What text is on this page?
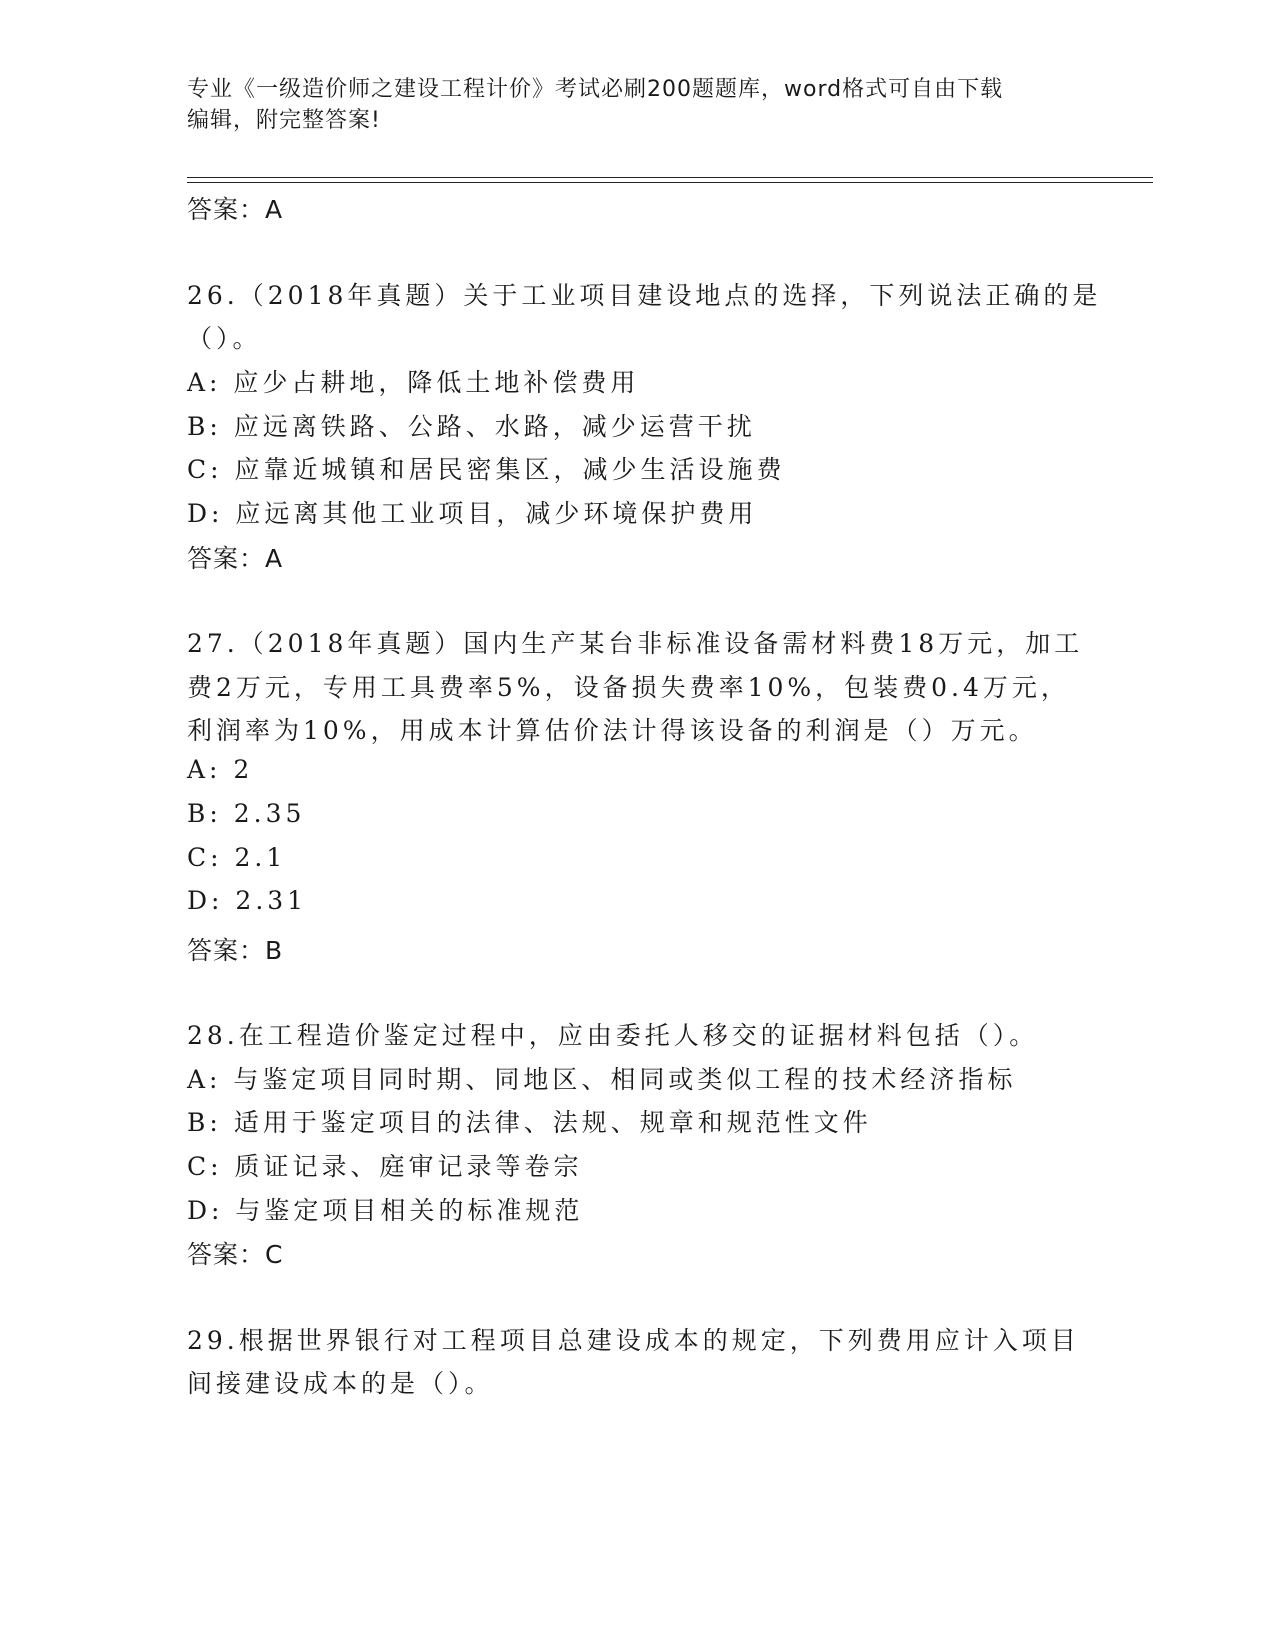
专业《一级造价师之建设工程计价》考试必刷200题题库，word格式可自由下载
编辑，附完整答案!
答案：A
26.（2018年真题）关于工业项目建设地点的选择，下列说法正确的是
（）。
A: 应少占耕地，降低土地补偿费用
B: 应远离铁路、公路、水路，减少运营干扰
C: 应靠近城镇和居民密集区，减少生活设施费
D: 应远离其他工业项目，减少环境保护费用
答案：A
27.（2018年真题）国内生产某台非标准设备需材料费18万元，加工
费2万元，专用工具费率5%，设备损失费率10%，包装费0.4万元，
利润率为10%，用成本计算估价法计得该设备的利润是（）万元。
A: 2
B: 2.35
C: 2.1
D: 2.31
答案：B
28.在工程造价鉴定过程中，应由委托人移交的证据材料包括（）。
A: 与鉴定项目同时期、同地区、相同或类似工程的技术经济指标
B: 适用于鉴定项目的法律、法规、规章和规范性文件
C: 质证记录、庭审记录等卷宗
D: 与鉴定项目相关的标准规范
答案：C
29.根据世界银行对工程项目总建设成本的规定，下列费用应计入项目
间接建设成本的是（）。
